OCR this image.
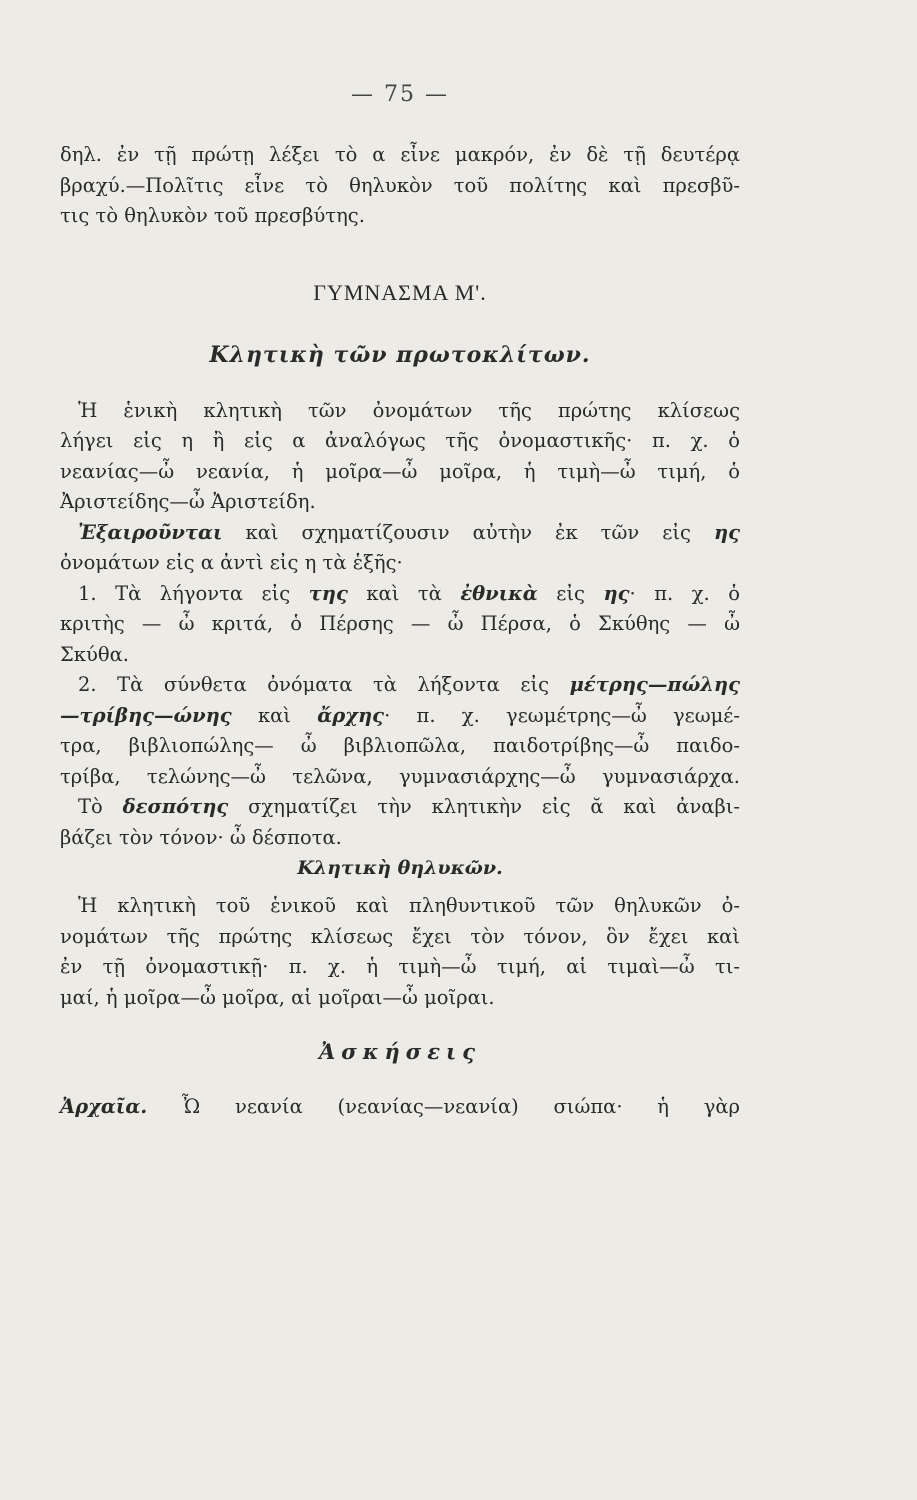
— 75 —
δηλ. ἐν τῇ πρώτῃ λέξει τὸ α εἶνε μακρόν, ἐν δὲ τῇ δευτέρᾳ
βραχύ.—Πολῖτις εἶνε τὸ θηλυκὸν τοῦ πολίτης καὶ πρεσβῦ-
τις τὸ θηλυκὸν τοῦ πρεσβύτης.
ΓΥΜΝΑΣΜΑ Μ'.
Κλητικὴ τῶν πρωτοκλίτων.
Ἡ ἑνικὴ κλητικὴ τῶν ὀνομάτων τῆς πρώτης κλίσεως
λήγει εἰς η ἢ εἰς α ἀναλόγως τῆς ὀνομαστικῆς· π. χ. ὁ
νεανίας—ὦ νεανία, ἡ μοῖρα—ὦ μοῖρα, ἡ τιμὴ—ὦ τιμή, ὁ
Ἀριστείδης—ὦ Ἀριστείδη.
Ἐξαιροῦνται καὶ σχηματίζουσιν αὐτὴν ἐκ τῶν εἰς ης
ὀνομάτων εἰς α ἀντὶ εἰς η τὰ ἑξῆς·
1. Τὰ λήγοντα εἰς της καὶ τὰ ἐθνικὰ εἰς ης· π. χ. ὁ
κριτὴς — ὦ κριτά, ὁ Πέρσης — ὦ Πέρσα, ὁ Σκύθης — ὦ
Σκύθα.
2. Τὰ σύνθετα ὀνόματα τὰ λήξοντα εἰς μέτρης—πώλης
—τρίβης—ώνης καὶ ἄρχης· π. χ. γεωμέτρης—ὦ γεωμέ-
τρα, βιβλιοπώλης— ὦ βιβλιοπῶλα, παιδοτρίβης—ὦ παιδο-
τρίβα, τελώνης—ὦ τελῶνα, γυμνασιάρχης—ὦ γυμνασιάρχα.
Τὸ δεσπότης σχηματίζει τὴν κλητικὴν εἰς ᾰ καὶ ἀναβι-
βάζει τὸν τόνον· ὦ δέσποτα.
Κλητικὴ θηλυκῶν.
Ἡ κλητικὴ τοῦ ἑνικοῦ καὶ πληθυντικοῦ τῶν θηλυκῶν ὀ-
νομάτων τῆς πρώτης κλίσεως ἔχει τὸν τόνον, ὃν ἔχει καὶ
ἐν τῇ ὀνομαστικῇ· π. χ. ἡ τιμὴ—ὦ τιμή, αἱ τιμαὶ—ὦ τι-
μαί, ἡ μοῖρα—ὦ μοῖρα, αἱ μοῖραι—ὦ μοῖραι.
Ἀσκήσεις
Ἀρχαῖα. Ὦ νεανία (νεανίας—νεανία) σιώπα· ἡ γὰρ
